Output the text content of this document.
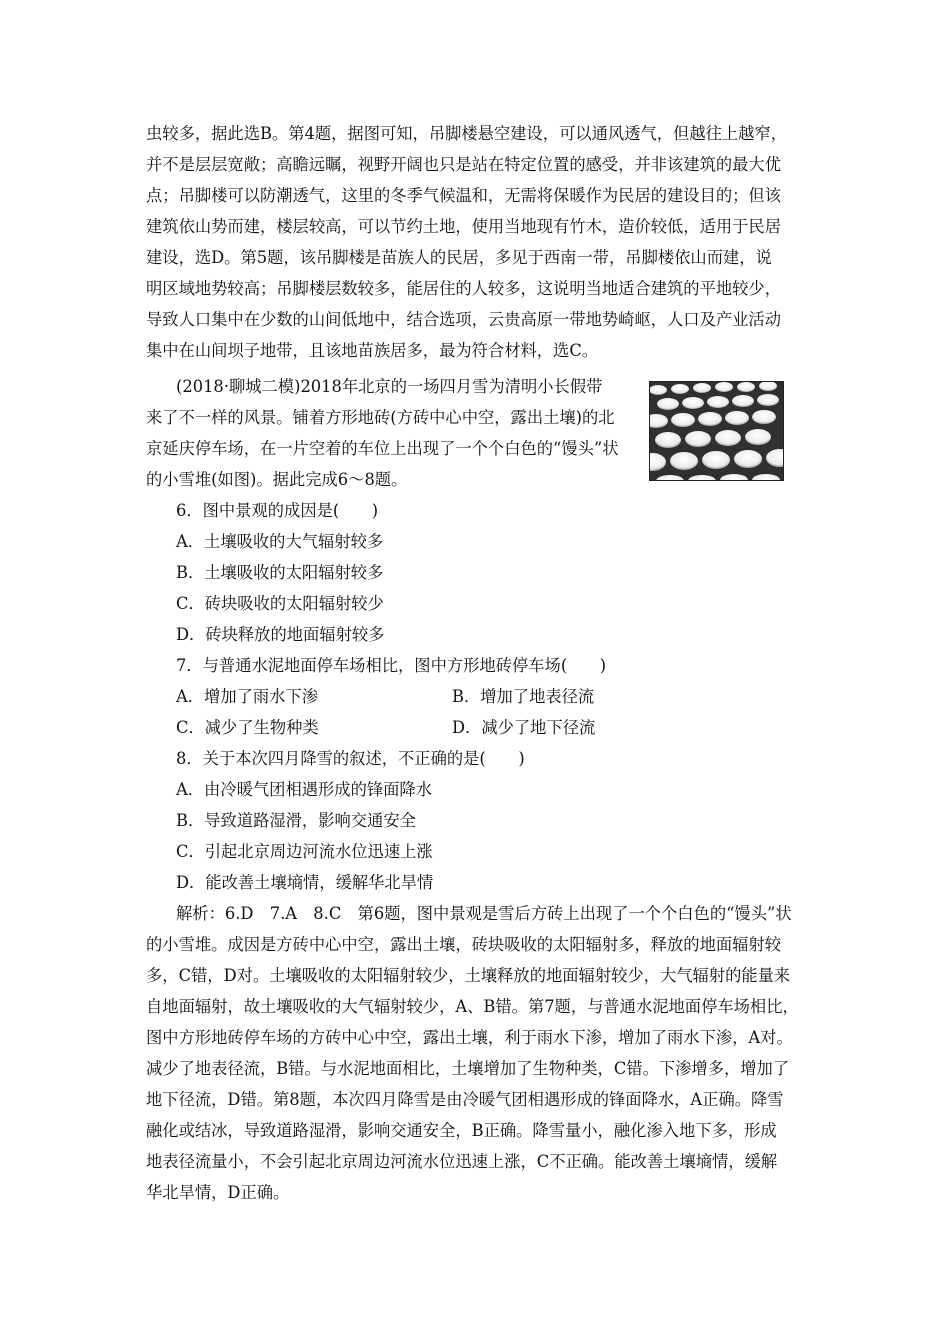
虫较多，据此选B。第4题，据图可知，吊脚楼悬空建设，可以通风透气，但越往上越窄，
并不是层层宽敞；高瞻远瞩，视野开阔也只是站在特定位置的感受，并非该建筑的最大优
点；吊脚楼可以防潮透气，这里的冬季气候温和，无需将保暖作为民居的建设目的；但该
建筑依山势而建，楼层较高，可以节约土地，使用当地现有竹木，造价较低，适用于民居
建设，选D。第5题，该吊脚楼是苗族人的民居，多见于西南一带，吊脚楼依山而建，说
明区域地势较高；吊脚楼层数较多，能居住的人较多，这说明当地适合建筑的平地较少，
导致人口集中在少数的山间低地中，结合选项，云贵高原一带地势崎岖，人口及产业活动
集中在山间坝子地带，且该地苗族居多，最为符合材料，选C。
(2018·聊城二模)2018年北京的一场四月雪为清明小长假带
来了不一样的风景。铺着方形地砖(方砖中心中空，露出土壤)的北
京延庆停车场，在一片空着的车位上出现了一个个白色的“馒头”状
的小雪堆(如图)。据此完成6～8题。
6．图中景观的成因是(　　)
A．土壤吸收的大气辐射较多
B．土壤吸收的太阳辐射较多
C．砖块吸收的太阳辐射较少
D．砖块释放的地面辐射较多
7．与普通水泥地面停车场相比，图中方形地砖停车场(　　)
A．增加了雨水下渗	B．增加了地表径流
C．减少了生物种类	D．减少了地下径流
8．关于本次四月降雪的叙述，不正确的是(　　)
A．由冷暖气团相遇形成的锋面降水
B．导致道路湿滑，影响交通安全
C．引起北京周边河流水位迅速上涨
D．能改善土壤墒情，缓解华北旱情
解析：6.D　7.A　8.C　第6题，图中景观是雪后方砖上出现了一个个白色的“馒头”状
的小雪堆。成因是方砖中心中空，露出土壤，砖块吸收的太阳辐射多，释放的地面辐射较
多，C错，D对。土壤吸收的太阳辐射较少，土壤释放的地面辐射较少，大气辐射的能量来
自地面辐射，故土壤吸收的大气辐射较少，A、B错。第7题，与普通水泥地面停车场相比，
图中方形地砖停车场的方砖中心中空，露出土壤，利于雨水下渗，增加了雨水下渗，A对。
减少了地表径流，B错。与水泥地面相比，土壤增加了生物种类，C错。下渗增多，增加了
地下径流，D错。第8题，本次四月降雪是由冷暖气团相遇形成的锋面降水，A正确。降雪
融化或结冰，导致道路湿滑，影响交通安全，B正确。降雪量小，融化渗入地下多，形成
地表径流量小，不会引起北京周边河流水位迅速上涨，C不正确。能改善土壤墒情，缓解
华北旱情，D正确。
